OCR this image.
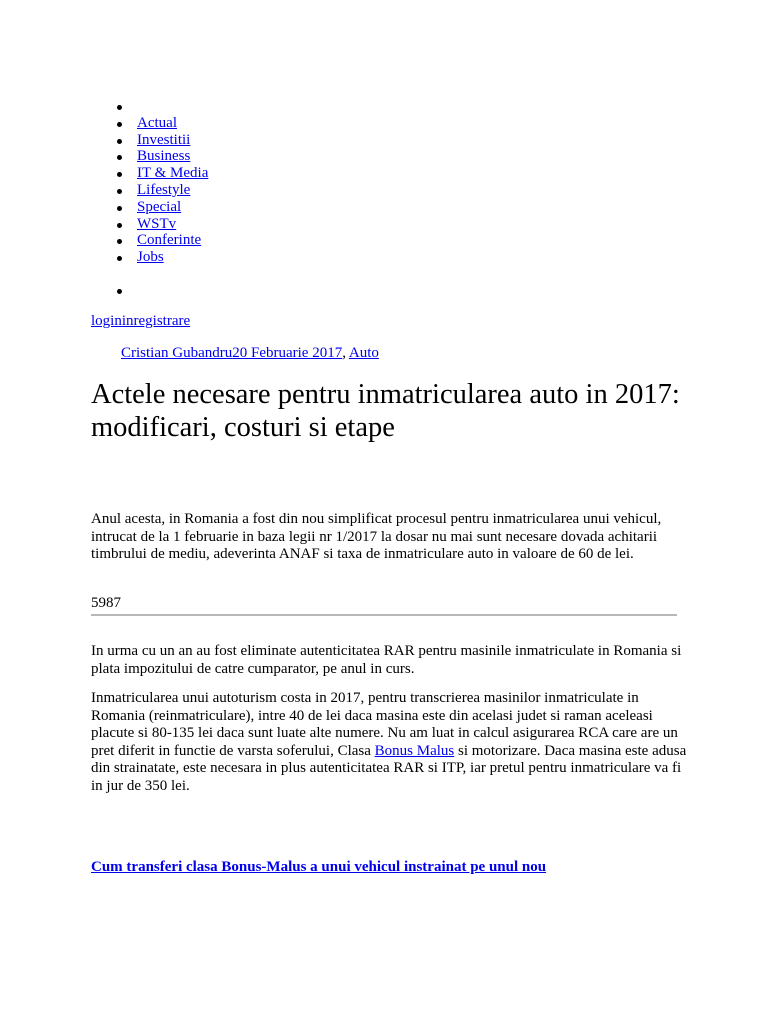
Actual
Investitii
Business
IT & Media
Lifestyle
Special
WSTv
Conferinte
Jobs
logininregistrare
Cristian Gubandru20 Februarie 2017, Auto
Actele necesare pentru inmatricularea auto in 2017: modificari, costuri si etape

Anul acesta, in Romania a fost din nou simplificat procesul pentru inmatricularea unui vehicul, intrucat de la 1 februarie in baza legii nr 1/2017 la dosar nu mai sunt necesare dovada achitarii timbrului de mediu, adeverinta ANAF si taxa de inmatriculare auto in valoare de 60 de lei.

5987

In urma cu un an au fost eliminate autenticitatea RAR pentru masinile inmatriculate in Romania si plata impozitului de catre cumparator, pe anul in curs.

Inmatricularea unui autoturism costa in 2017, pentru transcrierea masinilor inmatriculate in Romania (reinmatriculare), intre 40 de lei daca masina este din acelasi judet si raman aceleasi placute si 80-135 lei daca sunt luate alte numere. Nu am luat in calcul asigurarea RCA care are un pret diferit in functie de varsta soferului, Clasa Bonus Malus si motorizare. Daca masina este adusa din strainatate, este necesara in plus autenticitatea RAR si ITP, iar pretul pentru inmatriculare va fi in jur de 350 lei.

Cum transferi clasa Bonus-Malus a unui vehicul instrainat pe unul nou
